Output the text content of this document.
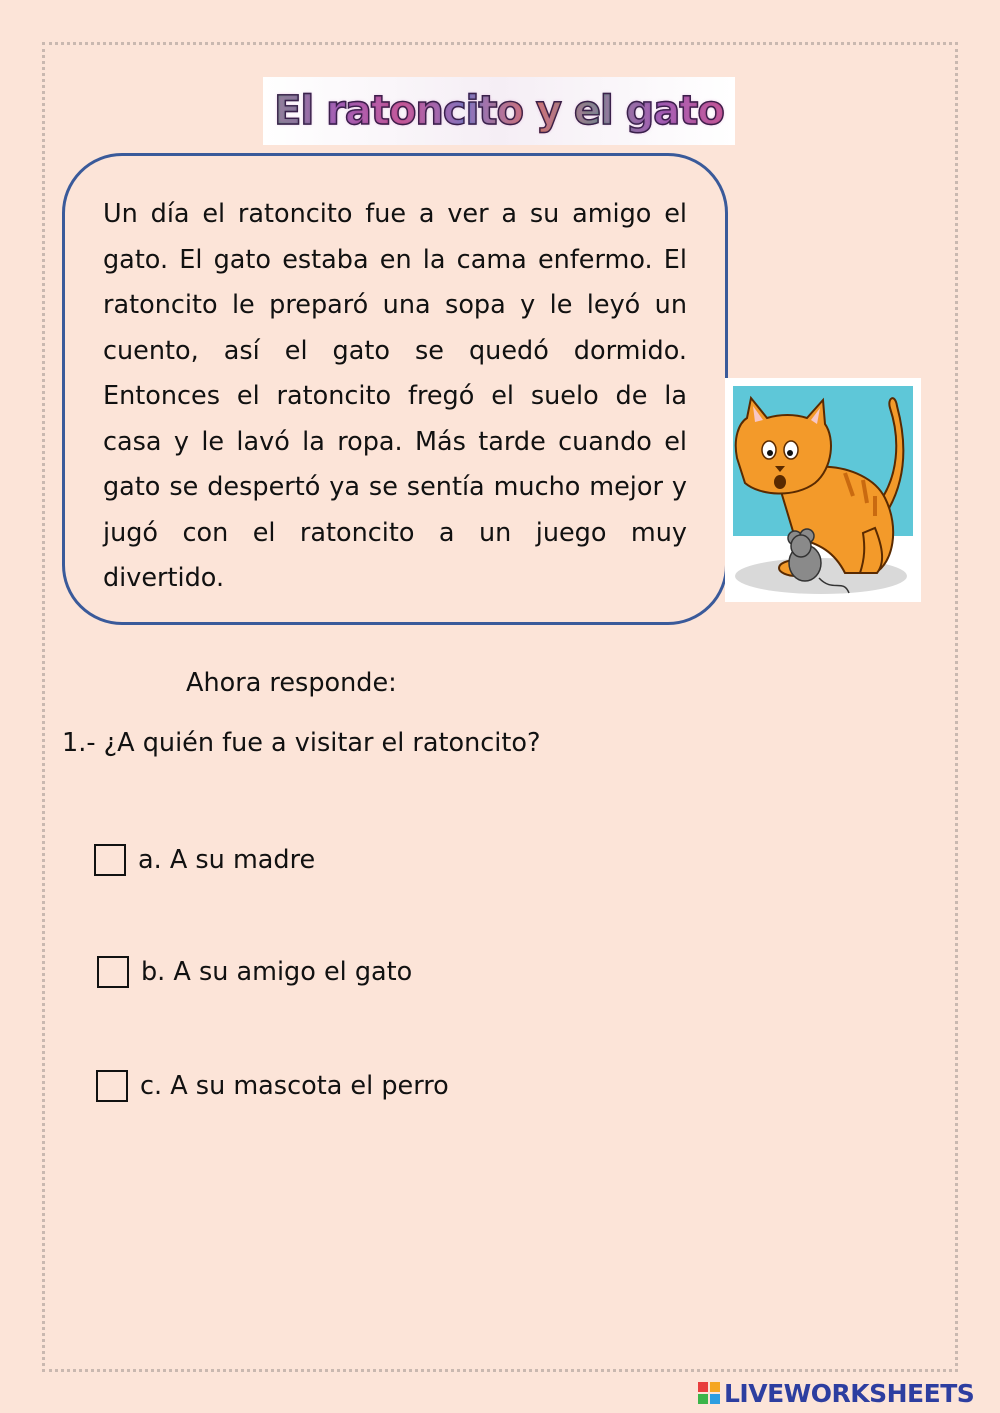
El ratoncito y el gato

Un día el ratoncito fue a ver a su amigo el gato. El gato estaba en la cama enfermo. El ratoncito le preparó una sopa y le leyó un cuento, así el gato se quedó dormido. Entonces el ratoncito fregó el suelo de la casa y le lavó la ropa. Más tarde cuando el gato se despertó ya se sentía mucho mejor y jugó con el ratoncito a un juego muy divertido.

Ahora responde:
1.- ¿A quién fue a visitar el ratoncito?
a. A su madre
b. A su amigo el gato
c. A su mascota el perro
LIVEWORKSHEETS
